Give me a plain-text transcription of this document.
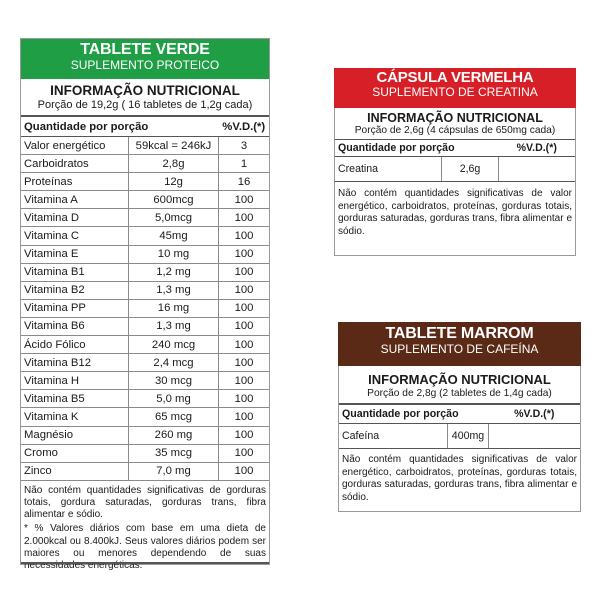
TABLETE VERDE
SUPLEMENTO PROTEICO
INFORMAÇÃO NUTRICIONAL
Porção de 19,2g ( 16 tabletes de 1,2g cada)
Quantidade por porção		%V.D.(*)
Valor energético	59kcal = 246kJ	3
Carboidratos	2,8g	1
Proteínas	12g	16
Vitamina A	600mcg	100
Vitamina D	5,0mcg	100
Vitamina C	45mg	100
Vitamina E	10 mg	100
Vitamina B1	1,2 mg	100
Vitamina B2	1,3 mg	100
Vitamina PP	16 mg	100
Vitamina B6	1,3 mg	100
Ácido Fólico	240 mcg	100
Vitamina B12	2,4 mcg	100
Vitamina H	30 mcg	100
Vitamina B5	5,0 mg	100
Vitamina K	65 mcg	100
Magnésio	260 mg	100
Cromo	35 mcg	100
Zinco	7,0 mg	100

Não contém quantidades significativas de gorduras totais, gordura saturadas, gorduras trans, fibra alimentar e sódio.

* % Valores diários com base em uma dieta de 2.000kcal ou 8.400kJ. Seus valores diários podem ser maiores ou menores dependendo de suas necessidades energéticas.

CÁPSULA VERMELHA
SUPLEMENTO DE CREATINA
INFORMAÇÃO NUTRICIONAL
Porção de 2,6g (4 cápsulas de 650mg cada)
Quantidade por porção		%V.D.(*)
Creatina	2,6g	
Não contém quantidades significativas de valor energético, carboidratos, proteínas, gorduras totais, gorduras saturadas, gorduras trans, fibra alimentar e sódio.
TABLETE MARROM
SUPLEMENTO DE CAFEÍNA
INFORMAÇÃO NUTRICIONAL
Porção de 2,8g (2 tabletes de 1,4g cada)
Quantidade por porção		%V.D.(*)
Cafeína	400mg	
Não contém quantidades significativas de valor energético, carboidratos, proteínas, gorduras totais, gorduras saturadas, gorduras trans, fibra alimentar e sódio.
